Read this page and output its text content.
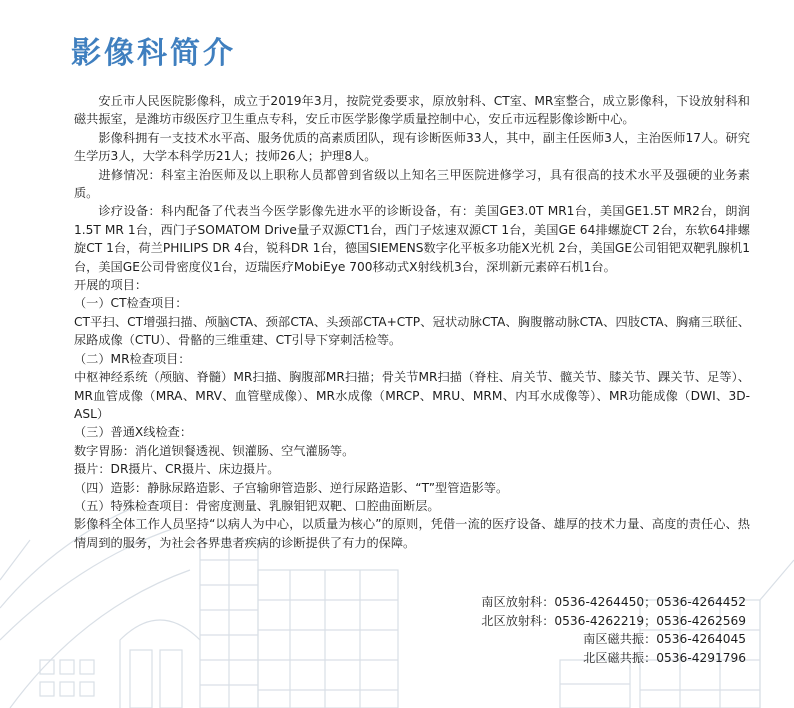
影像科简介

安丘市人民医院影像科，成立于2019年3月，按院党委要求，原放射科、CT室、MR室整合，成立影像科，下设放射科和磁共振室，是潍坊市级医疗卫生重点专科，安丘市医学影像学质量控制中心，安丘市远程影像诊断中心。

影像科拥有一支技术水平高、服务优质的高素质团队，现有诊断医师33人，其中，副主任医师3人，主治医师17人。研究生学历3人，大学本科学历21人；技师26人；护理8人。

进修情况：科室主治医师及以上职称人员都曾到省级以上知名三甲医院进修学习，具有很高的技术水平及强硬的业务素质。

诊疗设备：科内配备了代表当今医学影像先进水平的诊断设备，有：美国GE3.0T MR1台，美国GE1.5T MR2台，朗润1.5T MR 1台，西门子SOMATOM Drive量子双源CT1台，西门子炫速双源CT 1台，美国GE 64排螺旋CT 2台，东软64排螺旋CT 1台，荷兰PHILIPS DR 4台，锐科DR 1台，德国SIEMENS数字化平板多功能X光机 2台，美国GE公司钼钯双靶乳腺机1台，美国GE公司骨密度仪1台，迈瑞医疗MobiEye 700移动式X射线机3台，深圳新元素碎石机1台。

开展的项目：

（一）CT检查项目：

CT平扫、CT增强扫描、颅脑CTA、颈部CTA、头颈部CTA+CTP、冠状动脉CTA、胸腹髂动脉CTA、四肢CTA、胸痛三联征、尿路成像（CTU）、骨骼的三维重建、CT引导下穿刺活检等。

（二）MR检查项目：

中枢神经系统（颅脑、脊髓）MR扫描、胸腹部MR扫描；骨关节MR扫描（脊柱、肩关节、髋关节、膝关节、踝关节、足等）、MR血管成像（MRA、MRV、血管壁成像）、MR水成像（MRCP、MRU、MRM、内耳水成像等）、MR功能成像（DWI、3D-ASL）

（三）普通X线检查：

数字胃肠：消化道钡餐透视、钡灌肠、空气灌肠等。

摄片：DR摄片、CR摄片、床边摄片。

（四）造影：静脉尿路造影、子宫输卵管造影、逆行尿路造影、“T”型管造影等。

（五）特殊检查项目：骨密度测量、乳腺钼钯双靶、口腔曲面断层。

影像科全体工作人员坚持“以病人为中心，以质量为核心”的原则，凭借一流的医疗设备、雄厚的技术力量、高度的责任心、热情周到的服务，为社会各界患者疾病的诊断提供了有力的保障。

南区放射科：0536-4264450；0536-4264452
北区放射科：0536-4262219；0536-4262569
南区磁共振：0536-4264045
北区磁共振：0536-4291796
